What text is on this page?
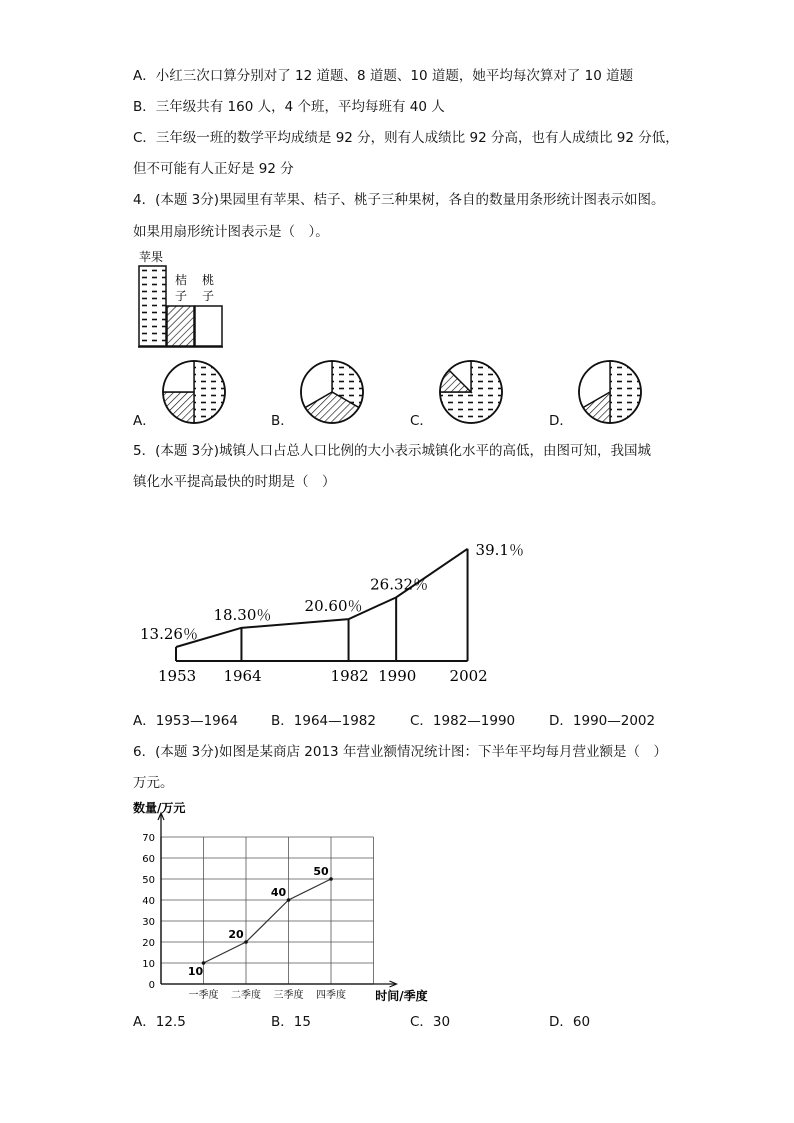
A．小红三次口算分别对了 12 道题、8 道题、10 道题，她平均每次算对了 10 道题
B．三年级共有 160 人，4 个班，平均每班有 40 人
C．三年级一班的数学平均成绩是 92 分，则有人成绩比 92 分高，也有人成绩比 92 分低，
但不可能有人正好是 92 分
4．(本题 3分)果园里有苹果、桔子、桃子三种果树，各自的数量用条形统计图表示如图。
如果用扇形统计图表示是（　）。
苹果
桔
子
桃
子
A．	B．	C．	D．
5．(本题 3分)城镇人口占总人口比例的大小表示城镇化水平的高低，由图可知，我国城
镇化水平提高最快的时期是（　）
13.26％
1953
18.30％
1964
20.60％
1982
26.32％
1990
39.1％
2002
A．1953—1964 B．1964—1982	C．1982—1990	D．1990—2002
6．(本题 3分)如图是某商店 2013 年营业额情况统计图：下半年平均每月营业额是（　）
万元。
0
10
20
30
40
50
60
70
数量/万元
时间/季度
一季度 二季度 三季度 四季度
10
20
40
50
A．12.5	B．15	C．30	D．60
